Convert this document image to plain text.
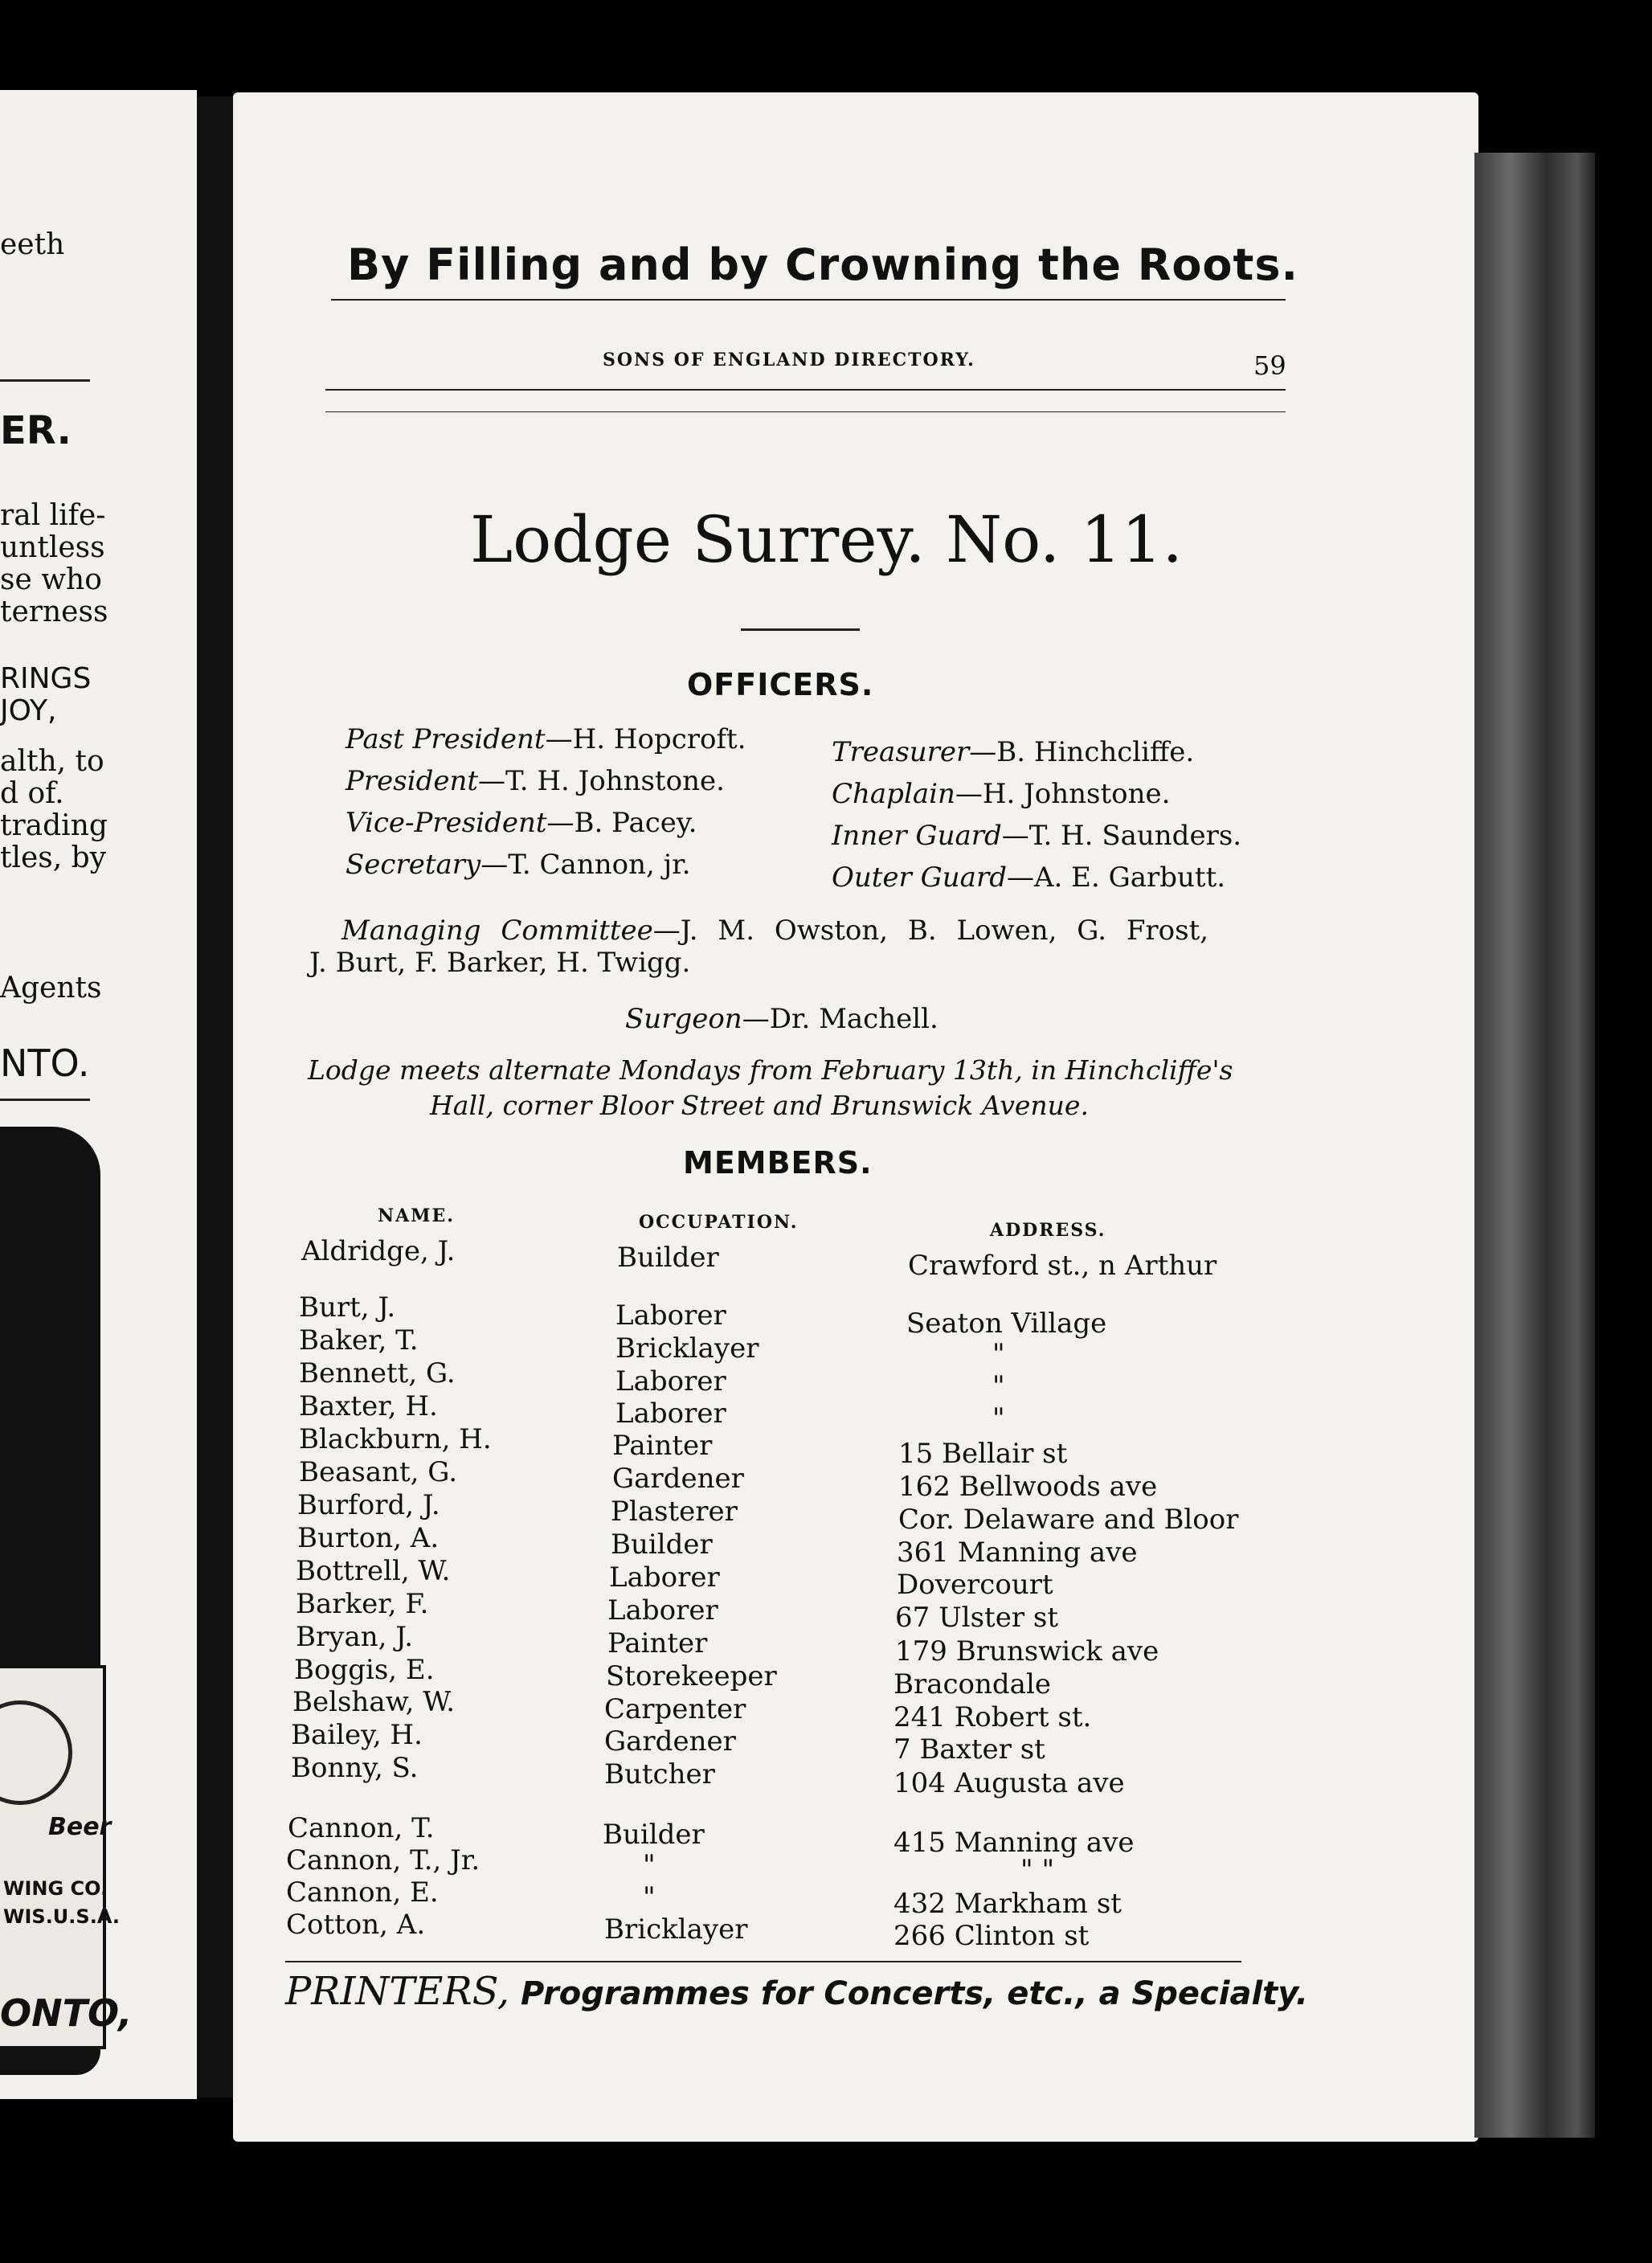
eeth
ER.
ral life-
untless
se who
terness
RINGS
JOY,
alth, to
d of.
trading
tles, by
Agents
NTO.
Beer
WING CO.
WIS.U.S.A.
ONTO,
By Filling and by Crowning the Roots.
SONS OF ENGLAND DIRECTORY.	59
Lodge Surrey. No. 11.
OFFICERS.
Past President—H. Hopcroft.
President—T. H. Johnstone.
Vice-President—B. Pacey.
Secretary—T. Cannon, jr.
Treasurer—B. Hinchcliffe.
Chaplain—H. Johnstone.
Inner Guard—T. H. Saunders.
Outer Guard—A. E. Garbutt.
Managing Committee—J. M. Owston, B. Lowen, G. Frost,
J. Burt, F. Barker, H. Twigg.
Surgeon—Dr. Machell.
Lodge meets alternate Mondays from February 13th, in Hinchcliffe's
Hall, corner Bloor Street and Brunswick Avenue.
MEMBERS.
NAME.	OCCUPATION.	ADDRESS.
Aldridge, J.	Builder	Crawford st., n Arthur
Burt, J.	Laborer	Seaton Village
Baker, T.	Bricklayer	"
Bennett, G.	Laborer	"
Baxter, H.	Laborer	"
Blackburn, H.	Painter	15 Bellair st
Beasant, G.	Gardener	162 Bellwoods ave
Burford, J.	Plasterer	Cor. Delaware and Bloor
Burton, A.	Builder	361 Manning ave
Bottrell, W.	Laborer	Dovercourt
Barker, F.	Laborer	67 Ulster st
Bryan, J.	Painter	179 Brunswick ave
Boggis, E.	Storekeeper	Bracondale
Belshaw, W.	Carpenter	241 Robert st.
Bailey, H.	Gardener	7 Baxter st
Bonny, S.	Butcher	104 Augusta ave
Cannon, T.	Builder	415 Manning ave
Cannon, T., Jr.	"	" "
Cannon, E.	"	432 Markham st
Cotton, A.	Bricklayer	266 Clinton st
PRINTERS, Programmes for Concerts, etc., a Specialty.
